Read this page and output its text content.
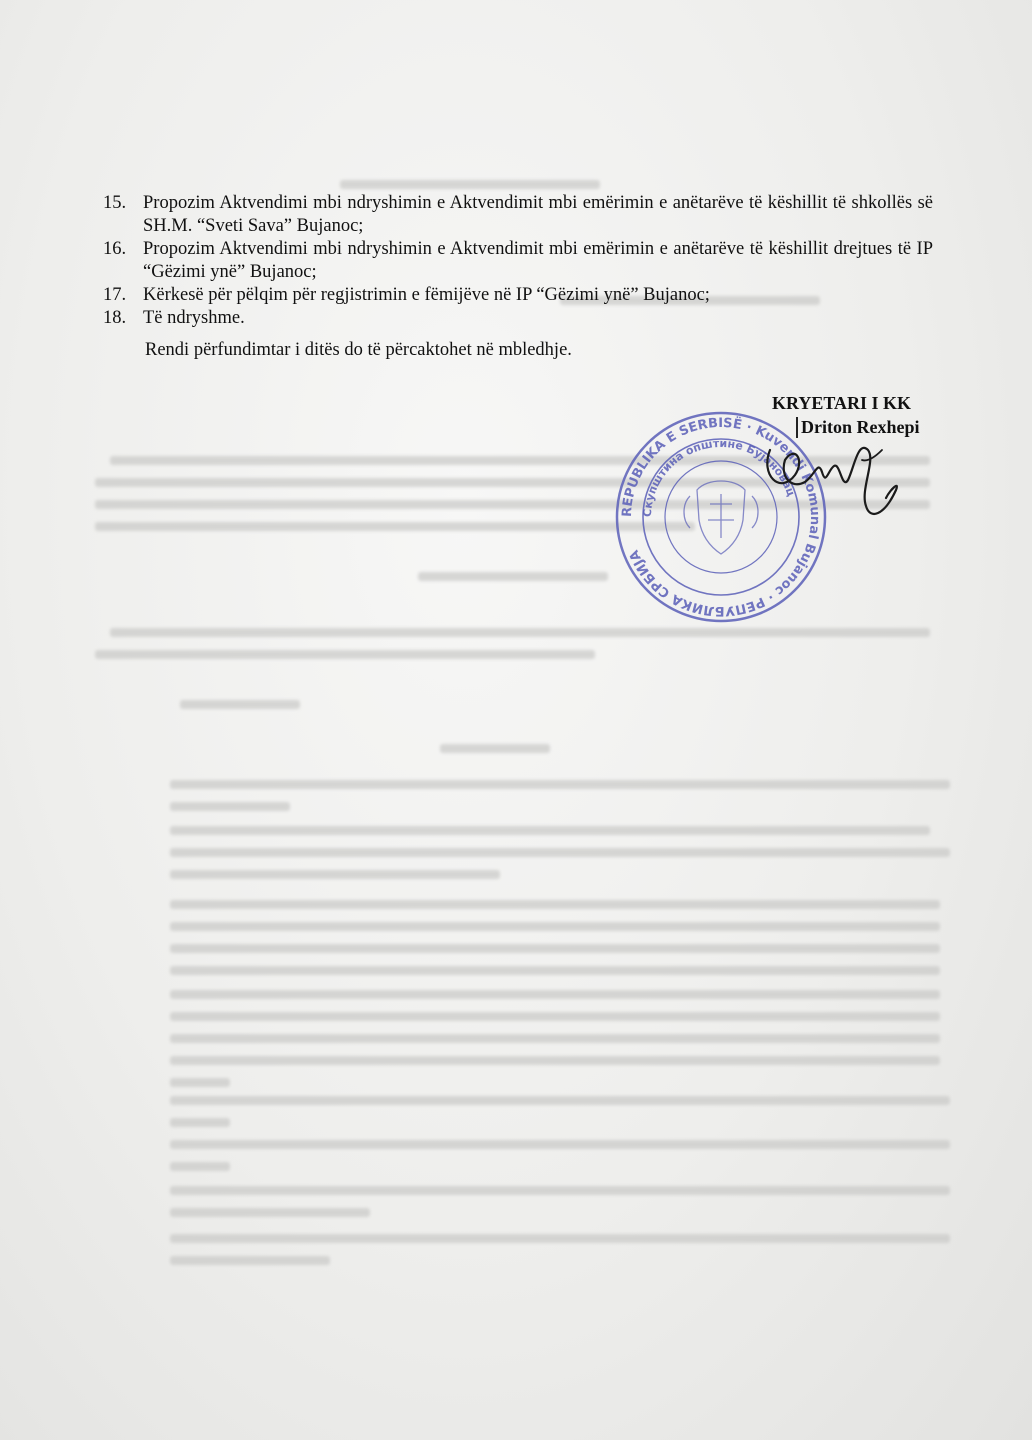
15. Propozim Aktvendimi mbi ndryshimin e Aktvendimit mbi emërimin e anëtarëve të këshillit të shkollës së SH.M. “Sveti Sava” Bujanoc;
16. Propozim Aktvendimi mbi ndryshimin e Aktvendimit mbi emërimin e anëtarëve të këshillit drejtues të IP “Gëzimi ynë” Bujanoc;
17. Kërkesë për pëlqim për regjistrimin e fëmijëve në IP “Gëzimi ynë” Bujanoc;
18. Të ndryshme.
Rendi përfundimtar i ditës do të përcaktohet në mbledhje.
KRYETARI I KK
Driton Rexhepi
REPUBLIKA E SERBISË · Kuvendi Komunal Bujanoc · РЕПУБЛИКА СРБИЈА
Скупштина општине Бујановац
